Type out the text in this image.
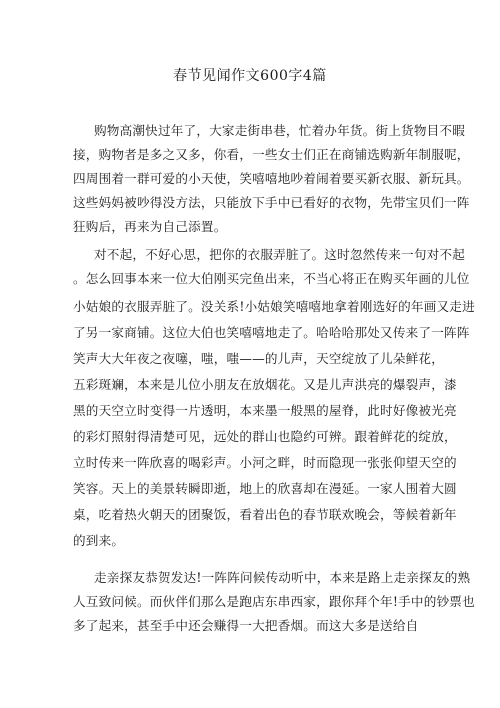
春节见闻作文600字4篇

购物高潮快过年了，大家走街串巷，忙着办年货。街上货物目不暇
接，购物者是多之又多，你看，一些女士们正在商铺选购新年制服呢，
四周围着一群可爱的小天使，笑嘻嘻地吵着闹着要买新衣服、新玩具。
这些妈妈被吵得没方法，只能放下手中已看好的衣物，先带宝贝们一阵
狂购后，再来为自己添置。

对不起，不好心思，把你的衣服弄脏了。这时忽然传来一句对不起
。怎么回事本来一位大伯刚买完鱼出来，不当心将正在购买年画的儿位

小姑娘的衣服弄脏了。没关系!小姑娘笑嘻嘻地拿着刚选好的年画又走进
了另一家商铺。这位大伯也笑嘻嘻地走了。哈哈哈那处又传来了一阵阵
笑声大大年夜之夜噻，嗤，嗤——的儿声，天空绽放了儿朵鲜花，
五彩斑斓，本来是儿位小朋友在放烟花。又是儿声洪亮的爆裂声，漆
黑的天空立时变得一片透明，本来墨一般黑的屋脊，此时好像被光亮
的彩灯照射得清楚可见，远处的群山也隐约可辨。跟着鲜花的绽放，
立时传来一阵欣喜的喝彩声。小河之畔，时而隐现一张张仰望天空的
笑容。天上的美景转瞬即逝，地上的欣喜却在漫延。一家人围着大圆
桌，吃着热火朝天的团聚饭，看着出色的春节联欢晚会，等候着新年
的到来。

走亲探友恭贺发达!一阵阵问候传动听中，本来是路上走亲探友的熟
人互致问候。而伙伴们那么是跑店东串西家，跟你拜个年!手中的钞票也
多了起来，甚至手中还会赚得一大把香烟。而这大多是送给自
